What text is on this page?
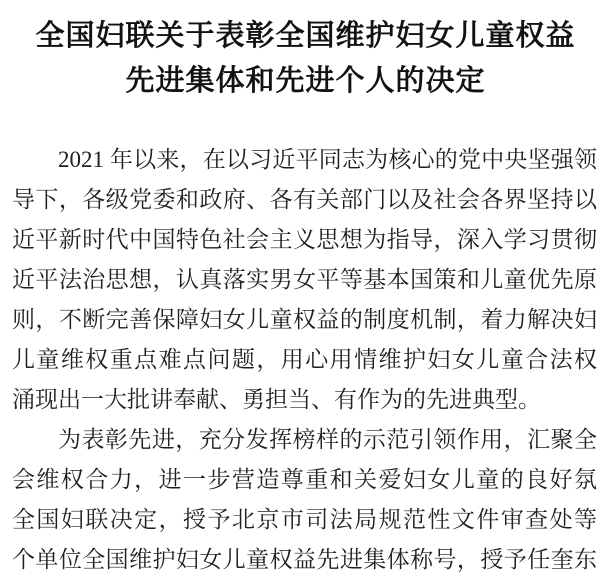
全国妇联关于表彰全国维护妇女儿童权益
先进集体和先进个人的决定
2021 年以来，在以习近平同志为核心的党中央坚强领
导下，各级党委和政府、各有关部门以及社会各界坚持以
近平新时代中国特色社会主义思想为指导，深入学习贯彻
近平法治思想，认真落实男女平等基本国策和儿童优先原
则，不断完善保障妇女儿童权益的制度机制，着力解决妇
儿童维权重点难点问题，用心用情维护妇女儿童合法权
涌现出一大批讲奉献、勇担当、有作为的先进典型。
为表彰先进，充分发挥榜样的示范引领作用，汇聚全
会维权合力，进一步营造尊重和关爱妇女儿童的良好氛
全国妇联决定，授予北京市司法局规范性文件审查处等
个单位全国维护妇女儿童权益先进集体称号，授予任奎东
